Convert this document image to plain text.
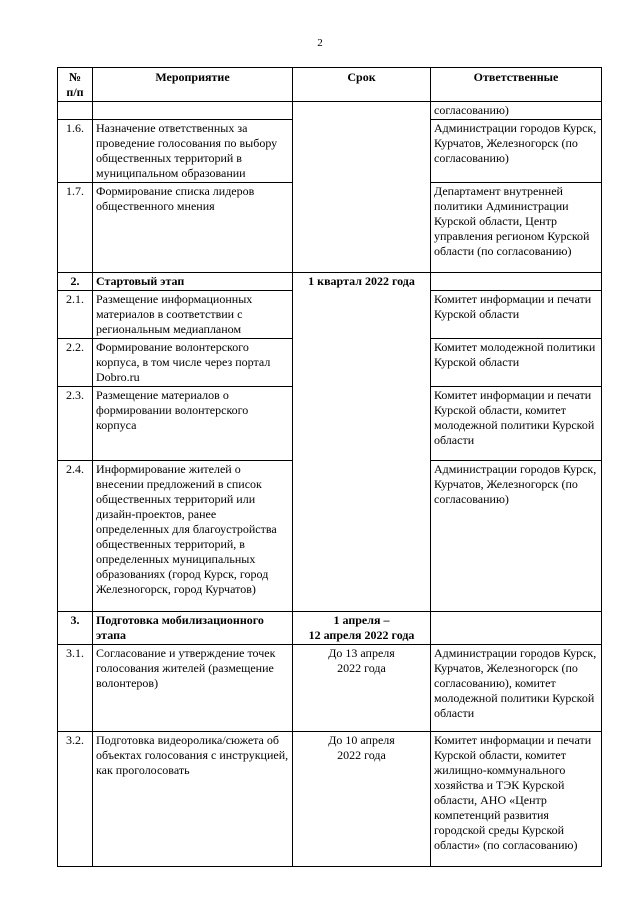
2
№
п/п	Мероприятие	Срок	Ответственные
			согласованию)
1.6.	Назначение ответственных за проведение голосования по выбору общественных территорий в муниципальном образовании		Администрации городов Курск, Курчатов, Железногорск (по согласованию)
1.7.	Формирование списка лидеров общественного мнения		Департамент внутренней политики Администрации Курской области, Центр управления регионом Курской области (по согласованию)
2.	Стартовый этап	1 квартал 2022 года	
2.1.	Размещение информационных материалов в соответствии с региональным медиапланом		Комитет информации и печати Курской области
2.2.	Формирование волонтерского корпуса, в том числе через портал Dobro.ru		Комитет молодежной политики Курской области
2.3.	Размещение материалов о формировании волонтерского корпуса		Комитет информации и печати Курской области, комитет молодежной политики Курской области
2.4.	Информирование жителей о внесении предложений в список общественных территорий или дизайн-проектов, ранее определенных для благоустройства общественных территорий, в определенных муниципальных образованиях (город Курск, город Железногорск, город Курчатов)		Администрации городов Курск, Курчатов, Железногорск (по согласованию)
3.	Подготовка мобилизационного этапа	1 апреля –
12 апреля 2022 года	
3.1.	Согласование и утверждение точек голосования жителей (размещение волонтеров)	До 13 апреля
2022 года	Администрации городов Курск, Курчатов, Железногорск (по согласованию), комитет молодежной политики Курской области
3.2.	Подготовка видеоролика/сюжета об объектах голосования с инструкцией, как проголосовать	До 10 апреля
2022 года	Комитет информации и печати Курской области, комитет жилищно-коммунального хозяйства и ТЭК Курской области, АНО «Центр компетенций развития городской среды Курской области» (по согласованию)
